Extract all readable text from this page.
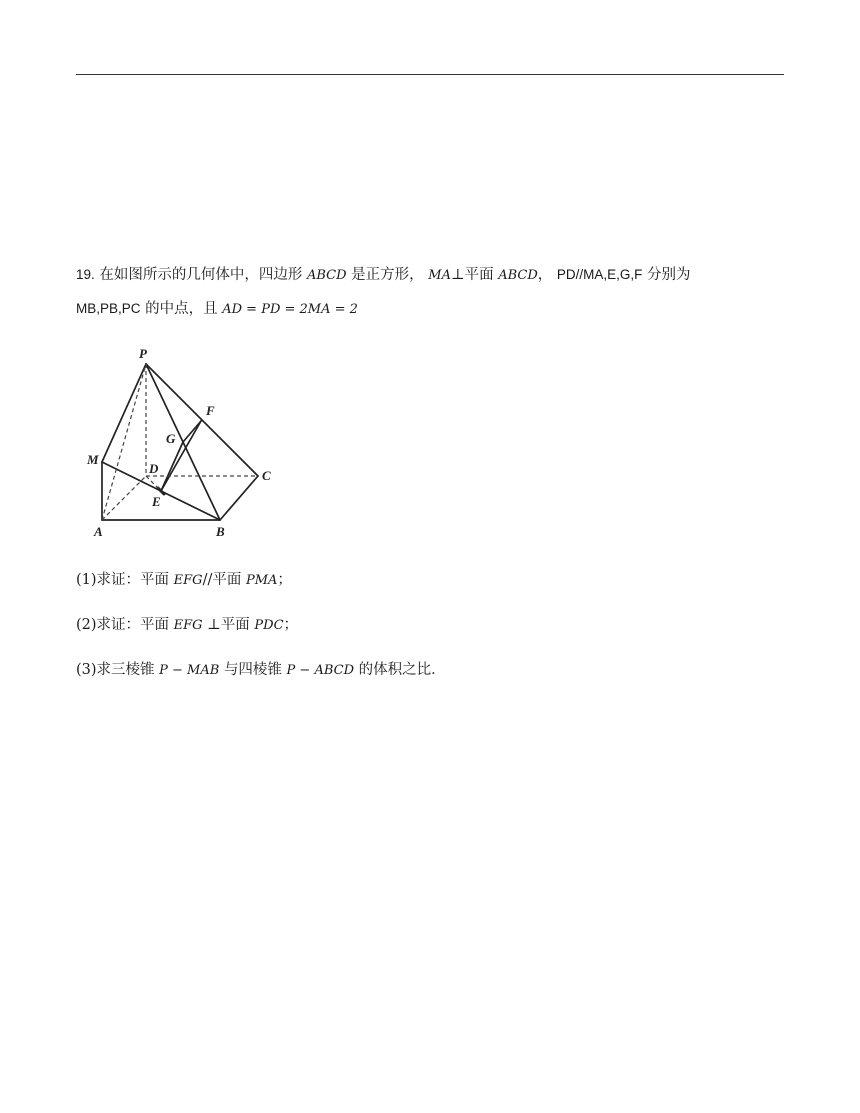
19. 在如图所示的几何体中，四边形 ABCD 是正方形， MA⊥平面 ABCD， PD//MA,E,G,F 分别为
MB,PB,PC 的中点，且 AD = PD = 2MA = 2
P
M
D	C
A	B
E
G
F
(1)求证：平面 EFG//平面 PMA；
(2)求证：平面 EFG ⊥平面 PDC；
(3)求三棱锥 P − MAB 与四棱锥 P − ABCD 的体积之比．
